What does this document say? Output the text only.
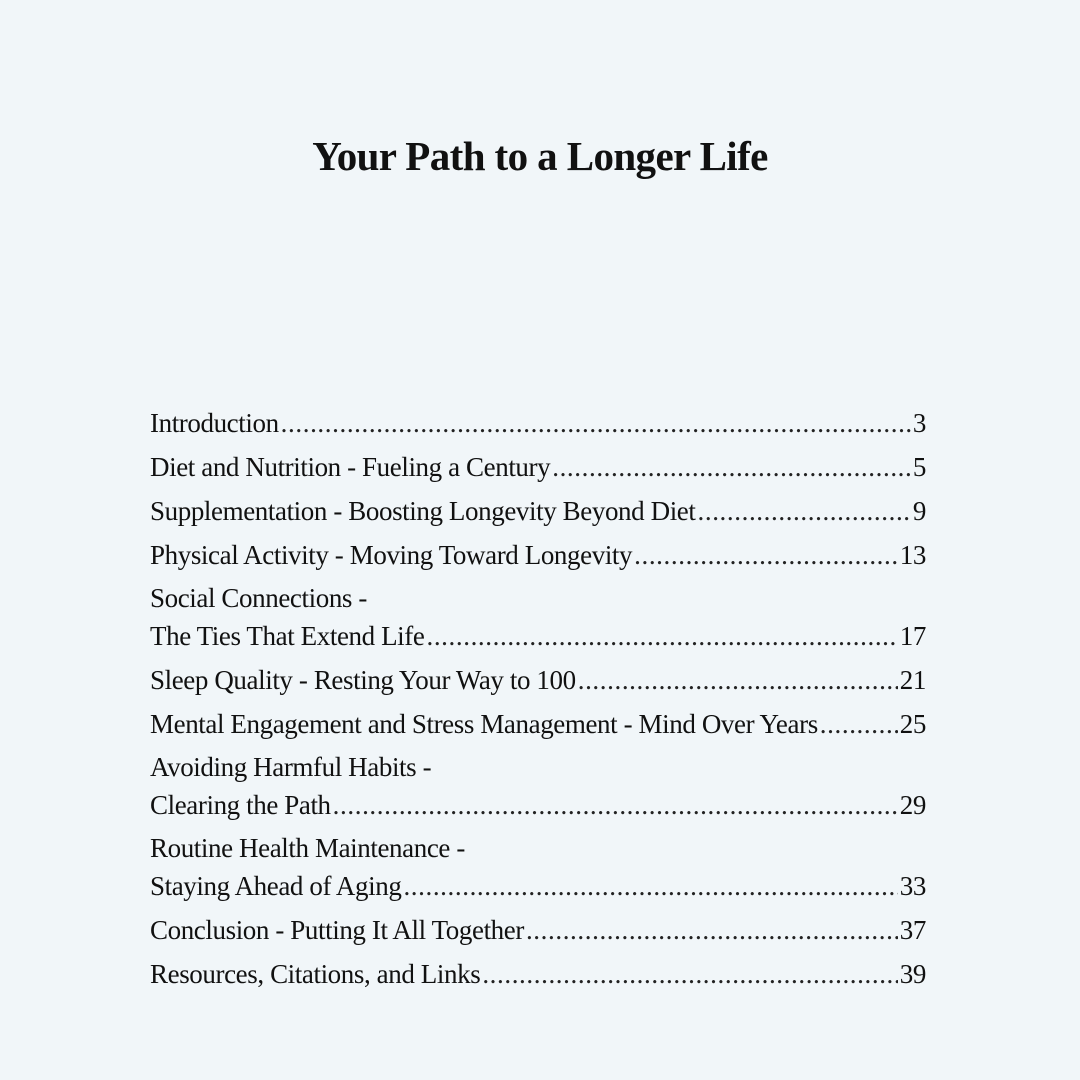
Your Path to a Longer Life
Introduction .....	3
Diet and Nutrition - Fueling a Century .....	5
Supplementation - Boosting Longevity Beyond Diet .....	9
Physical Activity - Moving Toward Longevity .....	13
Social Connections -
The Ties That Extend Life .....	17
Sleep Quality - Resting Your Way to 100 .....	21
Mental Engagement and Stress Management - Mind Over Years .....	25
Avoiding Harmful Habits -
Clearing the Path .....	29
Routine Health Maintenance -
Staying Ahead of Aging .....	33
Conclusion - Putting It All Together .....	37
Resources, Citations, and Links .....	39
